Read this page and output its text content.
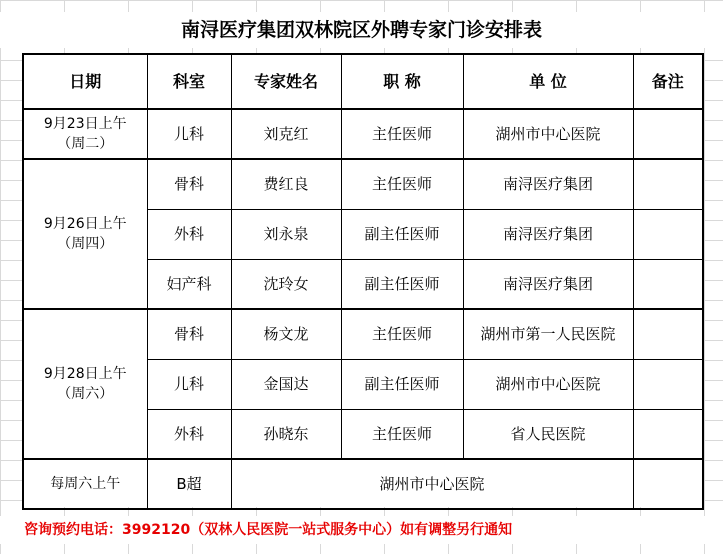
南浔医疗集团双林院区外聘专家门诊安排表
日期	科室	专家姓名	职 称	单 位	备注

9月23日上午
（周二）	儿科	刘克红	主任医师	湖州市中心医院	

9月26日上午
（周四）	骨科	费红良	主任医师	南浔医疗集团	
	外科	刘永泉	副主任医师	南浔医疗集团	
	妇产科	沈玲女	副主任医师	南浔医疗集团	

9月28日上午
（周六）	骨科	杨文龙	主任医师	湖州市第一人民医院	
	儿科	金国达	副主任医师	湖州市中心医院	
	外科	孙晓东	主任医师	省人民医院	
每周六上午	B超	湖州市中心医院			
咨询预约电话：3992120（双林人民医院一站式服务中心）如有调整另行通知
